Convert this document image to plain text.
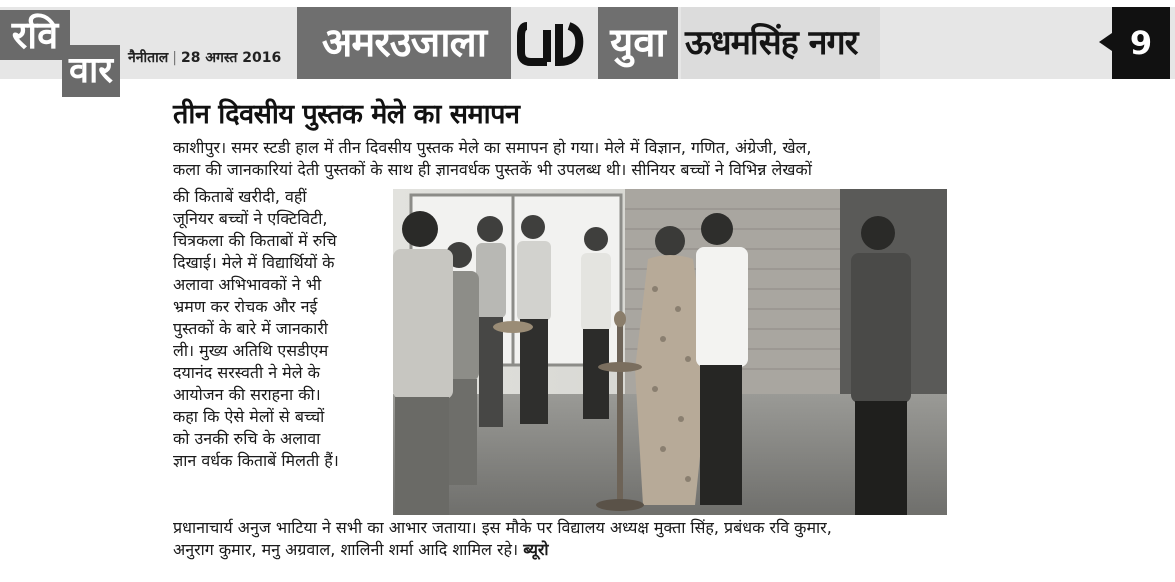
रवि
वार	नैनीताल | 28 अगस्त 2016	अमरउजाला	युवा ऊधमसिंह नगर	9
तीन दिवसीय पुस्तक मेले का समापन
काशीपुर। समर स्टडी हाल में तीन दिवसीय पुस्तक मेले का समापन हो गया। मेले में विज्ञान, गणित, अंग्रेजी, खेल,
कला की जानकारियां देती पुस्तकों के साथ ही ज्ञानवर्धक पुस्तकें भी उपलब्ध थी। सीनियर बच्चों ने विभिन्न लेखकों
की किताबें खरीदी, वहीं
जूनियर बच्चों ने एक्टिविटी,
चित्रकला की किताबों में रुचि
दिखाई। मेले में विद्यार्थियों के
अलावा अभिभावकों ने भी
भ्रमण कर रोचक और नई
पुस्तकों के बारे में जानकारी
ली। मुख्य अतिथि एसडीएम
दयानंद सरस्वती ने मेले के
आयोजन की सराहना की।
कहा कि ऐसे मेलों से बच्चों
को उनकी रुचि के अलावा
ज्ञान वर्धक किताबें मिलती हैं।
प्रधानाचार्य अनुज भाटिया ने सभी का आभार जताया। इस मौके पर विद्यालय अध्यक्ष मुक्ता सिंह, प्रबंधक रवि कुमार,
अनुराग कुमार, मनु अग्रवाल, शालिनी शर्मा आदि शामिल रहे। ब्यूरो
